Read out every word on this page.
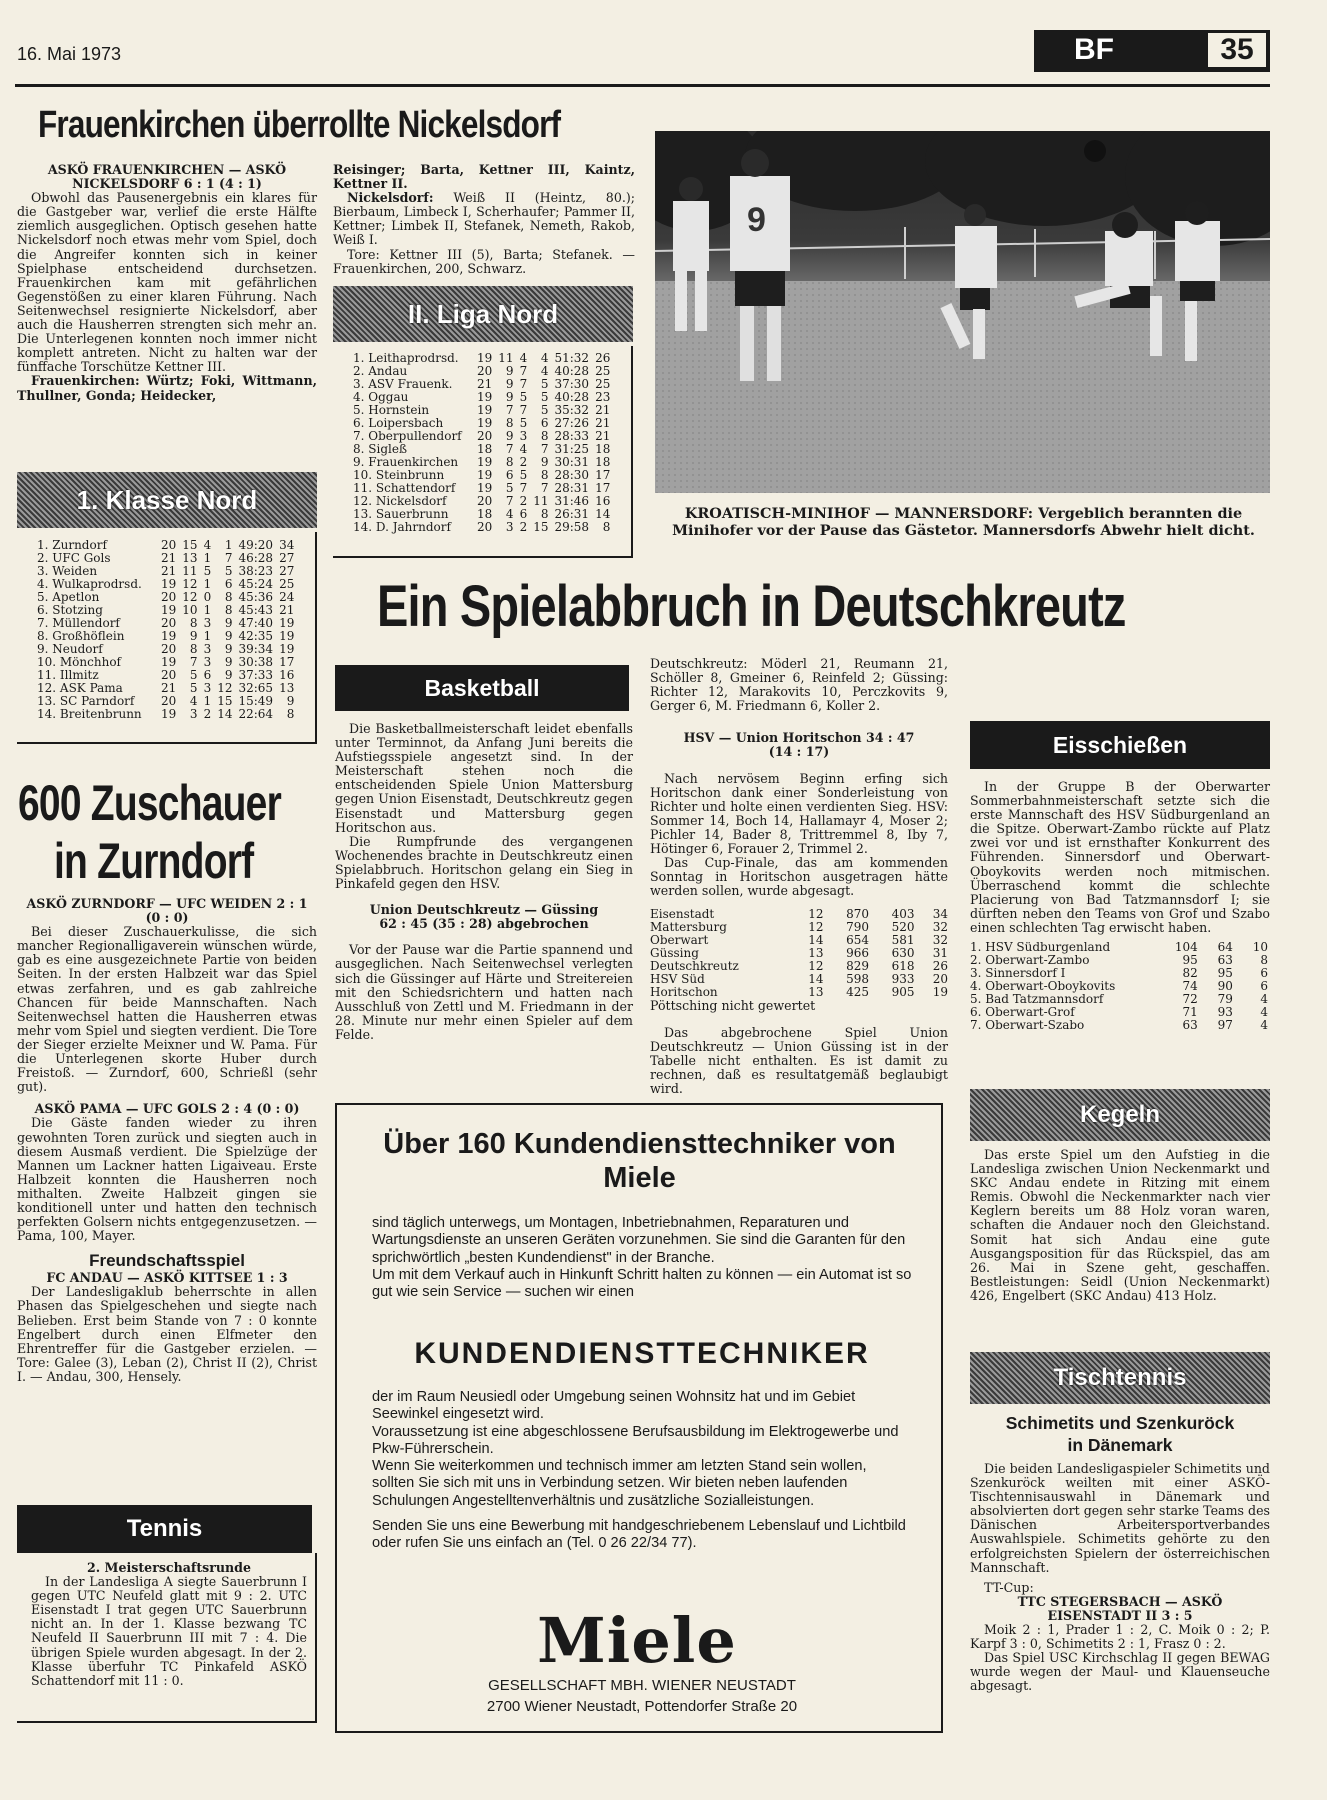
16. Mai 1973	BF	35
Frauenkirchen überrollte Nickelsdorf
ASKÖ FRAUENKIRCHEN — ASKÖ NICKELSDORF 6 : 1 (4 : 1)

Obwohl das Pausenergebnis ein klares für die Gastgeber war, verlief die erste Hälfte ziemlich ausgeglichen. Optisch gesehen hatte Nickelsdorf noch etwas mehr vom Spiel, doch die Angreifer konnten sich in keiner Spielphase entscheidend durchsetzen. Frauenkirchen kam mit gefährlichen Gegenstößen zu einer klaren Führung. Nach Seitenwechsel resignierte Nickelsdorf, aber auch die Hausherren strengten sich mehr an. Die Unterlegenen konnten noch immer nicht komplett antreten. Nicht zu halten war der fünffache Torschütze Kettner III.

Frauenkirchen: Würtz; Foki, Wittmann, Thullner, Gonda; Heidecker,

Reisinger; Barta, Kettner III, Kaintz, Kettner II.

Nickelsdorf: Weiß II (Heintz, 80.); Bierbaum, Limbeck I, Scherhaufer; Pammer II, Kettner; Limbek II, Stefanek, Nemeth, Rakob, Weiß I.

Tore: Kettner III (5), Barta; Stefanek. — Frauenkirchen, 200, Schwarz.

II. Liga Nord
1. Leithaprodrsd.	19	11	4	4	51:32	26
2. Andau	20	9	7	4	40:28	25
3. ASV Frauenk.	21	9	7	5	37:30	25
4. Oggau	19	9	5	5	40:28	23
5. Hornstein	19	7	7	5	35:32	21
6. Loipersbach	19	8	5	6	27:26	21
7. Oberpullendorf	20	9	3	8	28:33	21
8. Sigleß	18	7	4	7	31:25	18
9. Frauenkirchen	19	8	2	9	30:31	18
10. Steinbrunn	19	6	5	8	28:30	17
11. Schattendorf	19	5	7	7	28:31	17
12. Nickelsdorf	20	7	2	11	31:46	16
13. Sauerbrunn	18	4	6	8	26:31	14
14. D. Jahrndorf	20	3	2	15	29:58	8
9
KROATISCH-MINIHOF — MANNERSDORF: Vergeblich berannten die Minihofer vor der Pause das Gästetor. Mannersdorfs Abwehr hielt dicht.
1. Klasse Nord
1. Zurndorf	20	15	4	1	49:20	34
2. UFC Gols	21	13	1	7	46:28	27
3. Weiden	21	11	5	5	38:23	27
4. Wulkaprodrsd.	19	12	1	6	45:24	25
5. Apetlon	20	12	0	8	45:36	24
6. Stotzing	19	10	1	8	45:43	21
7. Müllendorf	20	8	3	9	47:40	19
8. Großhöflein	19	9	1	9	42:35	19
9. Neudorf	20	8	3	9	39:34	19
10. Mönchhof	19	7	3	9	30:38	17
11. Illmitz	20	5	6	9	37:33	16
12. ASK Pama	21	5	3	12	32:65	13
13. SC Parndorf	20	4	1	15	15:49	9
14. Breitenbrunn	19	3	2	14	22:64	8
600 Zuschauer
in Zurndorf
ASKÖ ZURNDORF — UFC WEIDEN 2 : 1 (0 : 0)

Bei dieser Zuschauerkulisse, die sich mancher Regionalligaverein wünschen würde, gab es eine ausgezeichnete Partie von beiden Seiten. In der ersten Halbzeit war das Spiel etwas zerfahren, und es gab zahlreiche Chancen für beide Mannschaften. Nach Seitenwechsel hatten die Hausherren etwas mehr vom Spiel und siegten verdient. Die Tore der Sieger erzielte Meixner und W. Pama. Für die Unterlegenen skorte Huber durch Freistoß. — Zurndorf, 600, Schrießl (sehr gut).

ASKÖ PAMA — UFC GOLS 2 : 4 (0 : 0)

Die Gäste fanden wieder zu ihren gewohnten Toren zurück und siegten auch in diesem Ausmaß verdient. Die Spielzüge der Mannen um Lackner hatten Ligaiveau. Erste Halbzeit konnten die Hausherren noch mithalten. Zweite Halbzeit gingen sie konditionell unter und hatten den technisch perfekten Golsern nichts entgegenzusetzen. — Pama, 100, Mayer.

Freundschaftsspiel
FC ANDAU — ASKÖ KITTSEE 1 : 3

Der Landesligaklub beherrschte in allen Phasen das Spielgeschehen und siegte nach Belieben. Erst beim Stande von 7 : 0 konnte Engelbert durch einen Elfmeter den Ehrentreffer für die Gastgeber erzielen. — Tore: Galee (3), Leban (2), Christ II (2), Christ I. — Andau, 300, Hensely.

Tennis
2. Meisterschaftsrunde

In der Landesliga A siegte Sauerbrunn I gegen UTC Neufeld glatt mit 9 : 2. UTC Eisenstadt I trat gegen UTC Sauerbrunn nicht an. In der 1. Klasse bezwang TC Neufeld II Sauerbrunn III mit 7 : 4. Die übrigen Spiele wurden abgesagt. In der 2. Klasse überfuhr TC Pinkafeld ASKÖ Schattendorf mit 11 : 0.

Ein Spielabbruch in Deutschkreutz
Basketball

Die Basketballmeisterschaft leidet ebenfalls unter Terminnot, da Anfang Juni bereits die Aufstiegsspiele angesetzt sind. In der Meisterschaft stehen noch die entscheidenden Spiele Union Mattersburg gegen Union Eisenstadt, Deutschkreutz gegen Eisenstadt und Mattersburg gegen Horitschon aus.

Die Rumpfrunde des vergangenen Wochenendes brachte in Deutschkreutz einen Spielabbruch. Horitschon gelang ein Sieg in Pinkafeld gegen den HSV.

Union Deutschkreutz — Güssing
62 : 45 (35 : 28) abgebrochen

Vor der Pause war die Partie spannend und ausgeglichen. Nach Seitenwechsel verlegten sich die Güssinger auf Härte und Streitereien mit den Schiedsrichtern und hatten nach Ausschluß von Zettl und M. Friedmann in der 28. Minute nur mehr einen Spieler auf dem Felde.

Deutschkreutz: Möderl 21, Reumann 21, Schöller 8, Gmeiner 6, Reinfeld 2; Güssing: Richter 12, Marakovits 10, Perczkovits 9, Gerger 6, M. Friedmann 6, Koller 2.

HSV — Union Horitschon 34 : 47
(14 : 17)

Nach nervösem Beginn erfing sich Horitschon dank einer Sonderleistung von Richter und holte einen verdienten Sieg. HSV: Sommer 14, Boch 14, Hallamayr 4, Moser 2; Pichler 14, Bader 8, Trittremmel 8, Iby 7, Hötinger 6, Forauer 2, Trimmel 2.

Das Cup-Finale, das am kommenden Sonntag in Horitschon ausgetragen hätte werden sollen, wurde abgesagt.

Eisenstadt	12	870	403	34
Mattersburg	12	790	520	32
Oberwart	14	654	581	32
Güssing	13	966	630	31
Deutschkreutz	12	829	618	26
HSV Süd	14	598	933	20
Horitschon	13	425	905	19

Pöttsching nicht gewertet

Das abgebrochene Spiel Union Deutschkreutz — Union Güssing ist in der Tabelle nicht enthalten. Es ist damit zu rechnen, daß es resultatgemäß beglaubigt wird.

Eisschießen

In der Gruppe B der Oberwarter Sommerbahnmeisterschaft setzte sich die erste Mannschaft des HSV Südburgenland an die Spitze. Oberwart-Zambo rückte auf Platz zwei vor und ist ernsthafter Konkurrent des Führenden. Sinnersdorf und Oberwart-Oboykovits werden noch mitmischen. Überraschend kommt die schlechte Placierung von Bad Tatzmannsdorf I; sie dürften neben den Teams von Grof und Szabo einen schlechten Tag erwischt haben.

1. HSV Südburgenland	104	64	10
2. Oberwart-Zambo	95	63	8
3. Sinnersdorf I	82	95	6
4. Oberwart-Oboykovits	74	90	6
5. Bad Tatzmannsdorf	72	79	4
6. Oberwart-Grof	71	93	4
7. Oberwart-Szabo	63	97	4
Kegeln

Das erste Spiel um den Aufstieg in die Landesliga zwischen Union Neckenmarkt und SKC Andau endete in Ritzing mit einem Remis. Obwohl die Neckenmarkter nach vier Keglern bereits um 88 Holz voran waren, schaften die Andauer noch den Gleichstand. Somit hat sich Andau eine gute Ausgangsposition für das Rückspiel, das am 26. Mai in Szene geht, geschaffen. Bestleistungen: Seidl (Union Neckenmarkt) 426, Engelbert (SKC Andau) 413 Holz.

Tischtennis
Schimetits und Szenkuröck in Dänemark

Die beiden Landesligaspieler Schimetits und Szenkuröck weilten mit einer ASKÖ-Tischtennisauswahl in Dänemark und absolvierten dort gegen sehr starke Teams des Dänischen Arbeitersportverbandes Auswahlspiele. Schimetits gehörte zu den erfolgreichsten Spielern der österreichischen Mannschaft.

TT-Cup:

TTC STEGERSBACH — ASKÖ EISENSTADT II 3 : 5

Moik 2 : 1, Prader 1 : 2, C. Moik 0 : 2; P. Karpf 3 : 0, Schimetits 2 : 1, Frasz 0 : 2.

Das Spiel USC Kirchschlag II gegen BEWAG wurde wegen der Maul- und Klauenseuche abgesagt.

Über 160 Kundendiensttechniker von Miele

sind täglich unterwegs, um Montagen, Inbetriebnahmen, Reparaturen und Wartungsdienste an unseren Geräten vorzunehmen. Sie sind die Garanten für den sprichwörtlich „besten Kundendienst" in der Branche.

Um mit dem Verkauf auch in Hinkunft Schritt halten zu können — ein Automat ist so gut wie sein Service — suchen wir einen

KUNDENDIENSTTECHNIKER

der im Raum Neusiedl oder Umgebung seinen Wohnsitz hat und im Gebiet Seewinkel eingesetzt wird.

Voraussetzung ist eine abgeschlossene Berufsausbildung im Elektrogewerbe und Pkw-Führerschein.

Wenn Sie weiterkommen und technisch immer am letzten Stand sein wollen, sollten Sie sich mit uns in Verbindung setzen. Wir bieten neben laufenden Schulungen Angestelltenverhältnis und zusätzliche Sozialleistungen.

Senden Sie uns eine Bewerbung mit handgeschriebenem Lebenslauf und Lichtbild oder rufen Sie uns einfach an (Tel. 0 26 22/34 77).

Miele
GESELLSCHAFT MBH. WIENER NEUSTADT
2700 Wiener Neustadt, Pottendorfer Straße 20
